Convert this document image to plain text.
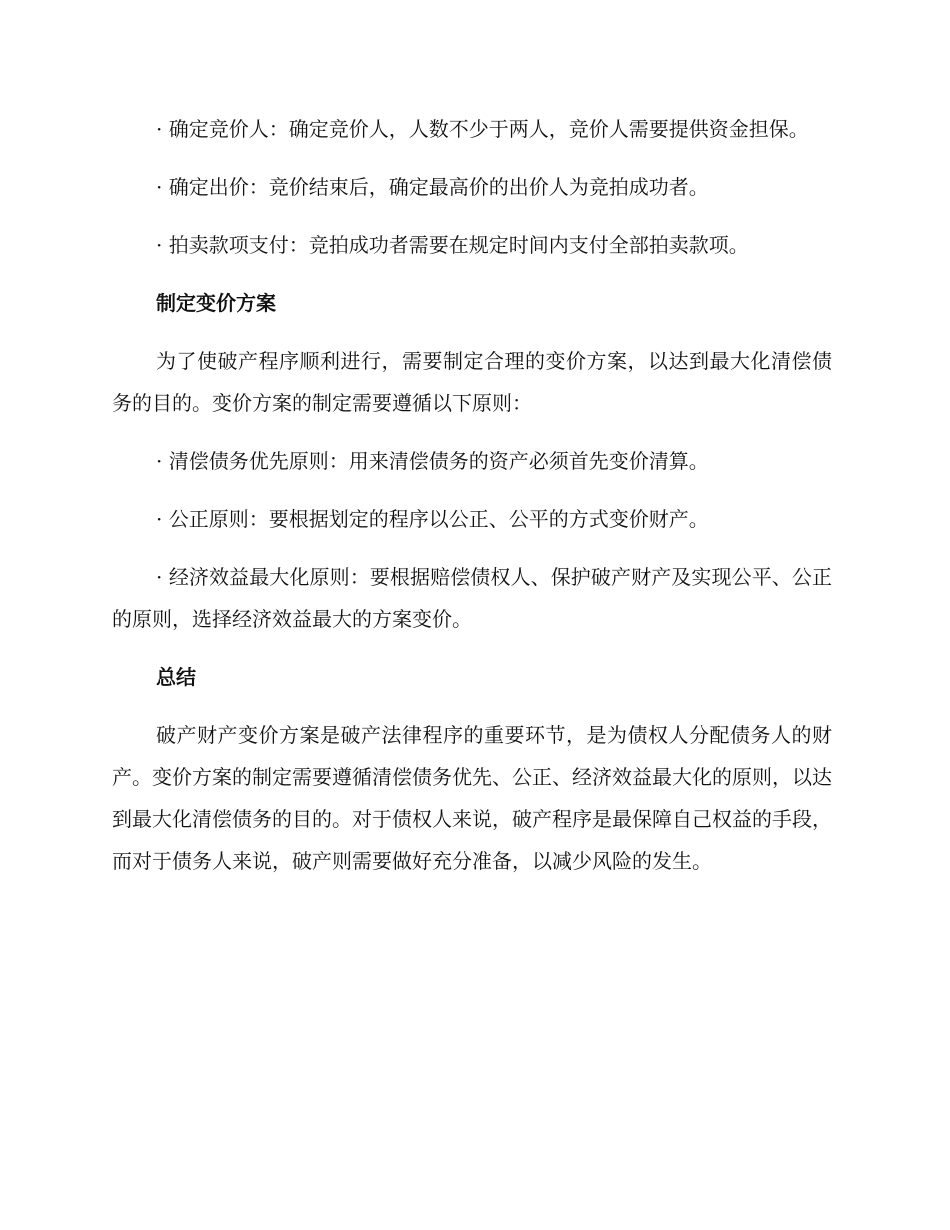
· 确定竞价人：确定竞价人，人数不少于两人，竞价人需要提供资金担保。

· 确定出价：竞价结束后，确定最高价的出价人为竞拍成功者。

· 拍卖款项支付：竞拍成功者需要在规定时间内支付全部拍卖款项。

制定变价方案

为了使破产程序顺利进行，需要制定合理的变价方案，以达到最大化清偿债务的目的。变价方案的制定需要遵循以下原则：

· 清偿债务优先原则：用来清偿债务的资产必须首先变价清算。

· 公正原则：要根据划定的程序以公正、公平的方式变价财产。

· 经济效益最大化原则：要根据赔偿债权人、保护破产财产及实现公平、公正的原则，选择经济效益最大的方案变价。

总结

破产财产变价方案是破产法律程序的重要环节，是为债权人分配债务人的财产。变价方案的制定需要遵循清偿债务优先、公正、经济效益最大化的原则，以达到最大化清偿债务的目的。对于债权人来说，破产程序是最保障自己权益的手段，而对于债务人来说，破产则需要做好充分准备，以减少风险的发生。
